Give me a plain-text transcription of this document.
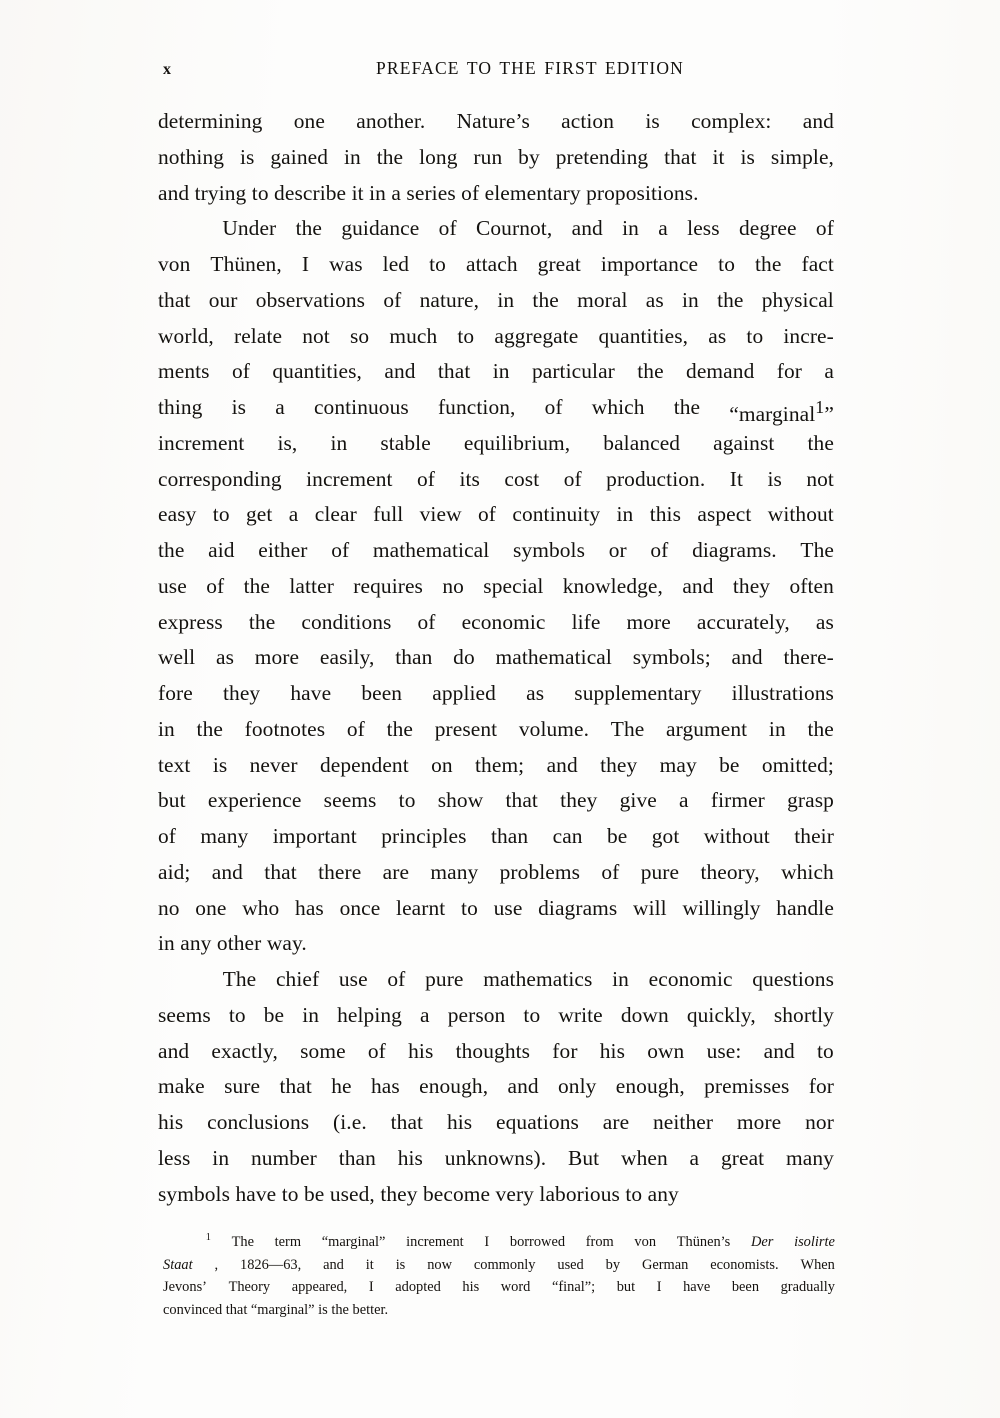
x	PREFACE TO THE FIRST EDITION
determining one another. Nature’s action is complex: and
nothing is gained in the long run by pretending that it is simple,
and trying to describe it in a series of elementary propositions.
Under the guidance of Cournot, and in a less degree of
von Thünen, I was led to attach great importance to the fact
that our observations of nature, in the moral as in the physical
world, relate not so much to aggregate quantities, as to incre-
ments of quantities, and that in particular the demand for a
thing is a continuous function, of which the “marginal$^1$”
increment is, in stable equilibrium, balanced against the
corresponding increment of its cost of production. It is not
easy to get a clear full view of continuity in this aspect without
the aid either of mathematical symbols or of diagrams. The
use of the latter requires no special knowledge, and they often
express the conditions of economic life more accurately, as
well as more easily, than do mathematical symbols; and there-
fore they have been applied as supplementary illustrations
in the footnotes of the present volume. The argument in the
text is never dependent on them; and they may be omitted;
but experience seems to show that they give a firmer grasp
of many important principles than can be got without their
aid; and that there are many problems of pure theory, which
no one who has once learnt to use diagrams will willingly handle
in any other way.
The chief use of pure mathematics in economic questions
seems to be in helping a person to write down quickly, shortly
and exactly, some of his thoughts for his own use: and to
make sure that he has enough, and only enough, premisses for
his conclusions (i.e. that his equations are neither more nor
less in number than his unknowns). But when a great many
symbols have to be used, they become very laborious to any
$^1$ The term “marginal” increment I borrowed from von Thünen’s Der isolirte
Staat , 1826—63, and it is now commonly used by German economists. When
Jevons’ Theory appeared, I adopted his word “final”; but I have been gradually
convinced that “marginal” is the better.
